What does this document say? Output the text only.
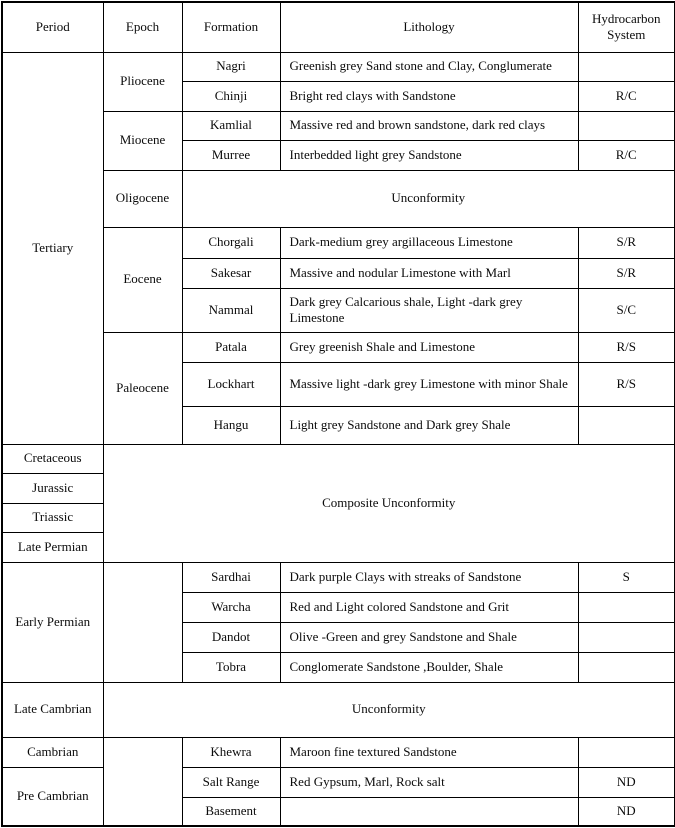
Period	Epoch	Formation	Lithology	Hydrocarbon System
Tertiary	Pliocene	Nagri	Greenish grey Sand stone and Clay, Conglumerate	
		Chinji	Bright red clays with Sandstone	R/C
	Miocene	Kamlial	Massive red and brown sandstone, dark red clays	
		Murree	Interbedded light grey Sandstone	R/C
	Oligocene	Unconformity		
	Eocene	Chorgali	Dark-medium grey argillaceous Limestone	S/R
		Sakesar	Massive and nodular Limestone with Marl	S/R
		Nammal	Dark grey Calcarious shale, Light -dark grey Limestone	S/C
	Paleocene	Patala	Grey greenish Shale and Limestone	R/S
		Lockhart	Massive light -dark grey Limestone with minor Shale	R/S
		Hangu	Light grey Sandstone and Dark grey Shale	
Cretaceous	Composite Unconformity			
Jurassic				
Triassic				
Late Permian				
Early Permian		Sardhai	Dark purple Clays with streaks of Sandstone	S
		Warcha	Red and Light colored Sandstone and Grit	
		Dandot	Olive -Green and grey Sandstone and Shale	
		Tobra	Conglomerate Sandstone ,Boulder, Shale	
Late Cambrian	Unconformity			
Cambrian		Khewra	Maroon fine textured Sandstone	
Pre Cambrian		Salt Range	Red Gypsum, Marl, Rock salt	ND
		Basement		ND
